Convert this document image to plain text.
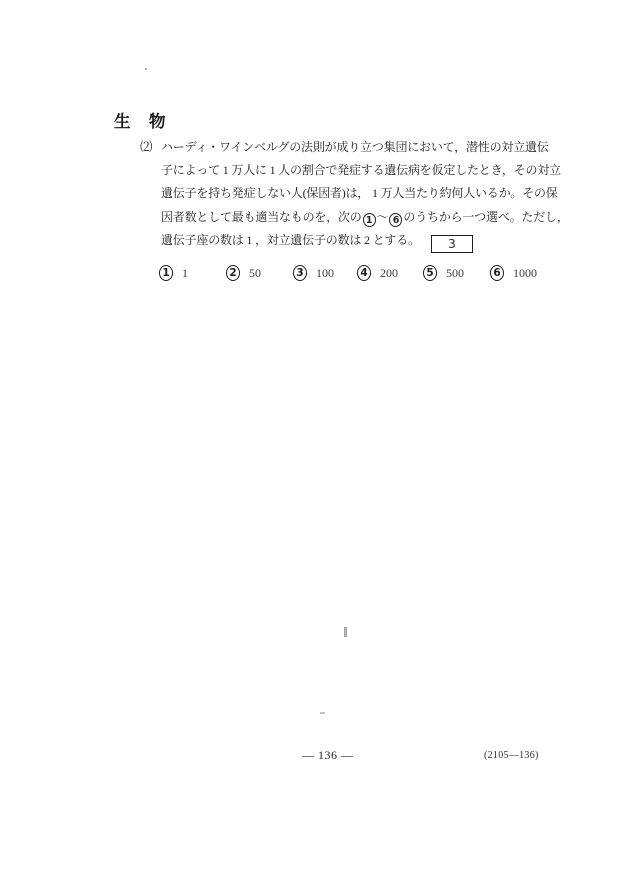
生　物
⑵ ハーディ・ワインベルグの法則が成り立つ集団において，潜性の対立遺伝
子によって 1 万人に 1 人の割合で発症する遺伝病を仮定したとき，その対立
遺伝子を持ち発症しない人(保因者)は， 1 万人当たり約何人いるか。その保
因者数として最も適当なものを，次の 1 ～ 6 のうちから一つ選べ。ただし，
遺伝子座の数は 1 ，対立遺伝子の数は 2 とする。 3
1 1	2 50	3 100	4 200	5 500	6 1000
— 136 —	(2105—136)
